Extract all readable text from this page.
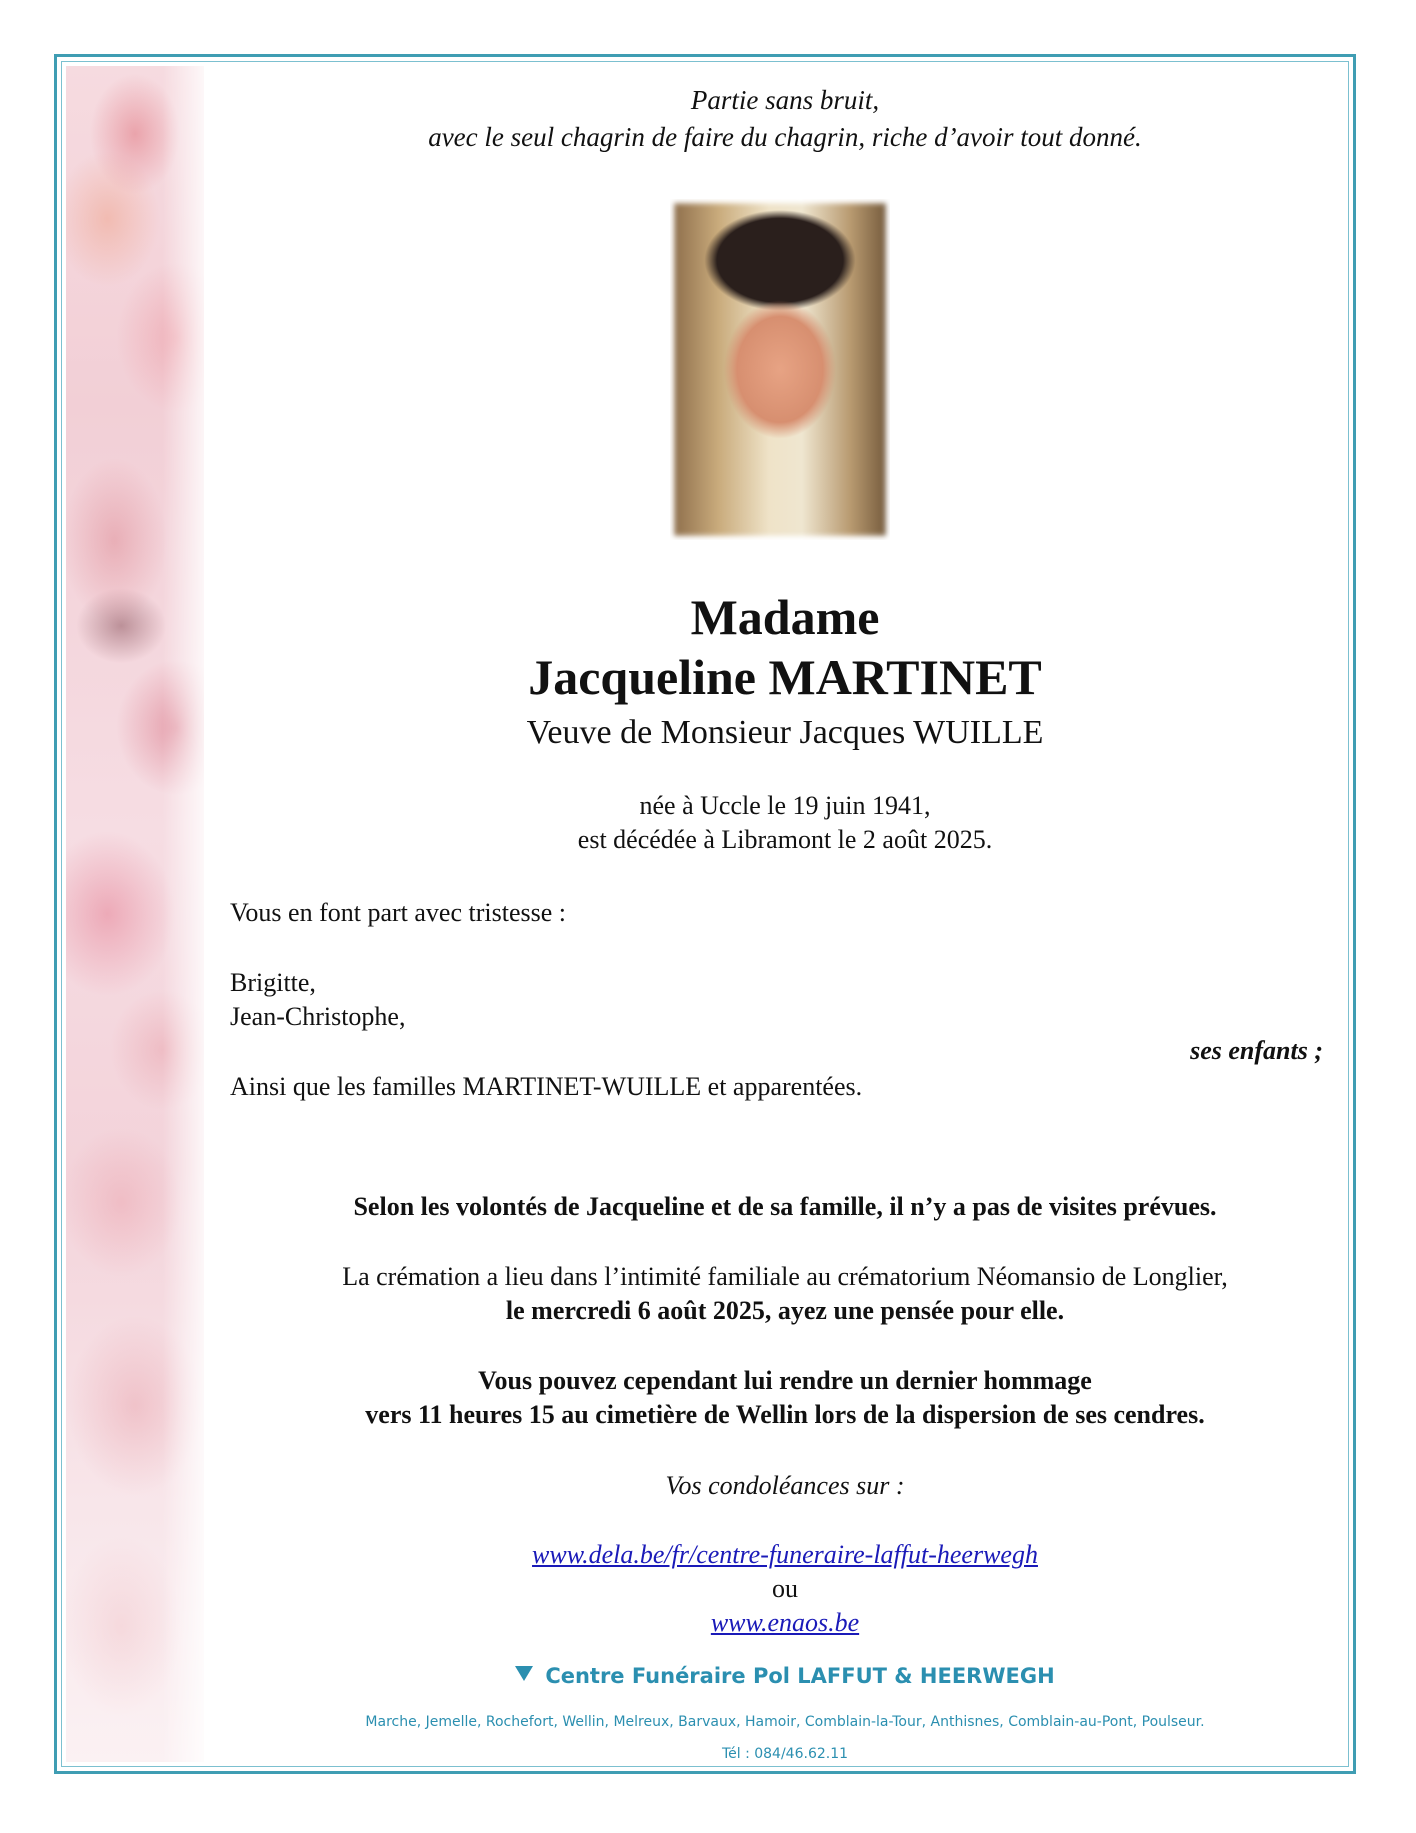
Partie sans bruit,
avec le seul chagrin de faire du chagrin, riche d’avoir tout donné.
Madame
Jacqueline MARTINET
Veuve de Monsieur Jacques WUILLE
née à Uccle le 19 juin 1941,
est décédée à Libramont le 2 août 2025.
Vous en font part avec tristesse :
Brigitte,
Jean-Christophe,
ses enfants ;
Ainsi que les familles MARTINET-WUILLE et apparentées.
Selon les volontés de Jacqueline et de sa famille, il n’y a pas de visites prévues.
La crémation a lieu dans l’intimité familiale au crématorium Néomansio de Longlier,
le mercredi 6 août 2025, ayez une pensée pour elle.
Vous pouvez cependant lui rendre un dernier hommage
vers 11 heures 15 au cimetière de Wellin lors de la dispersion de ses cendres.
Vos condoléances sur :
www.dela.be/fr/centre-funeraire-laffut-heerwegh
ou
www.enaos.be
Centre Funéraire Pol LAFFUT & HEERWEGH
Marche, Jemelle, Rochefort, Wellin, Melreux, Barvaux, Hamoir, Comblain-la-Tour, Anthisnes, Comblain-au-Pont, Poulseur.
Tél : 084/46.62.11
